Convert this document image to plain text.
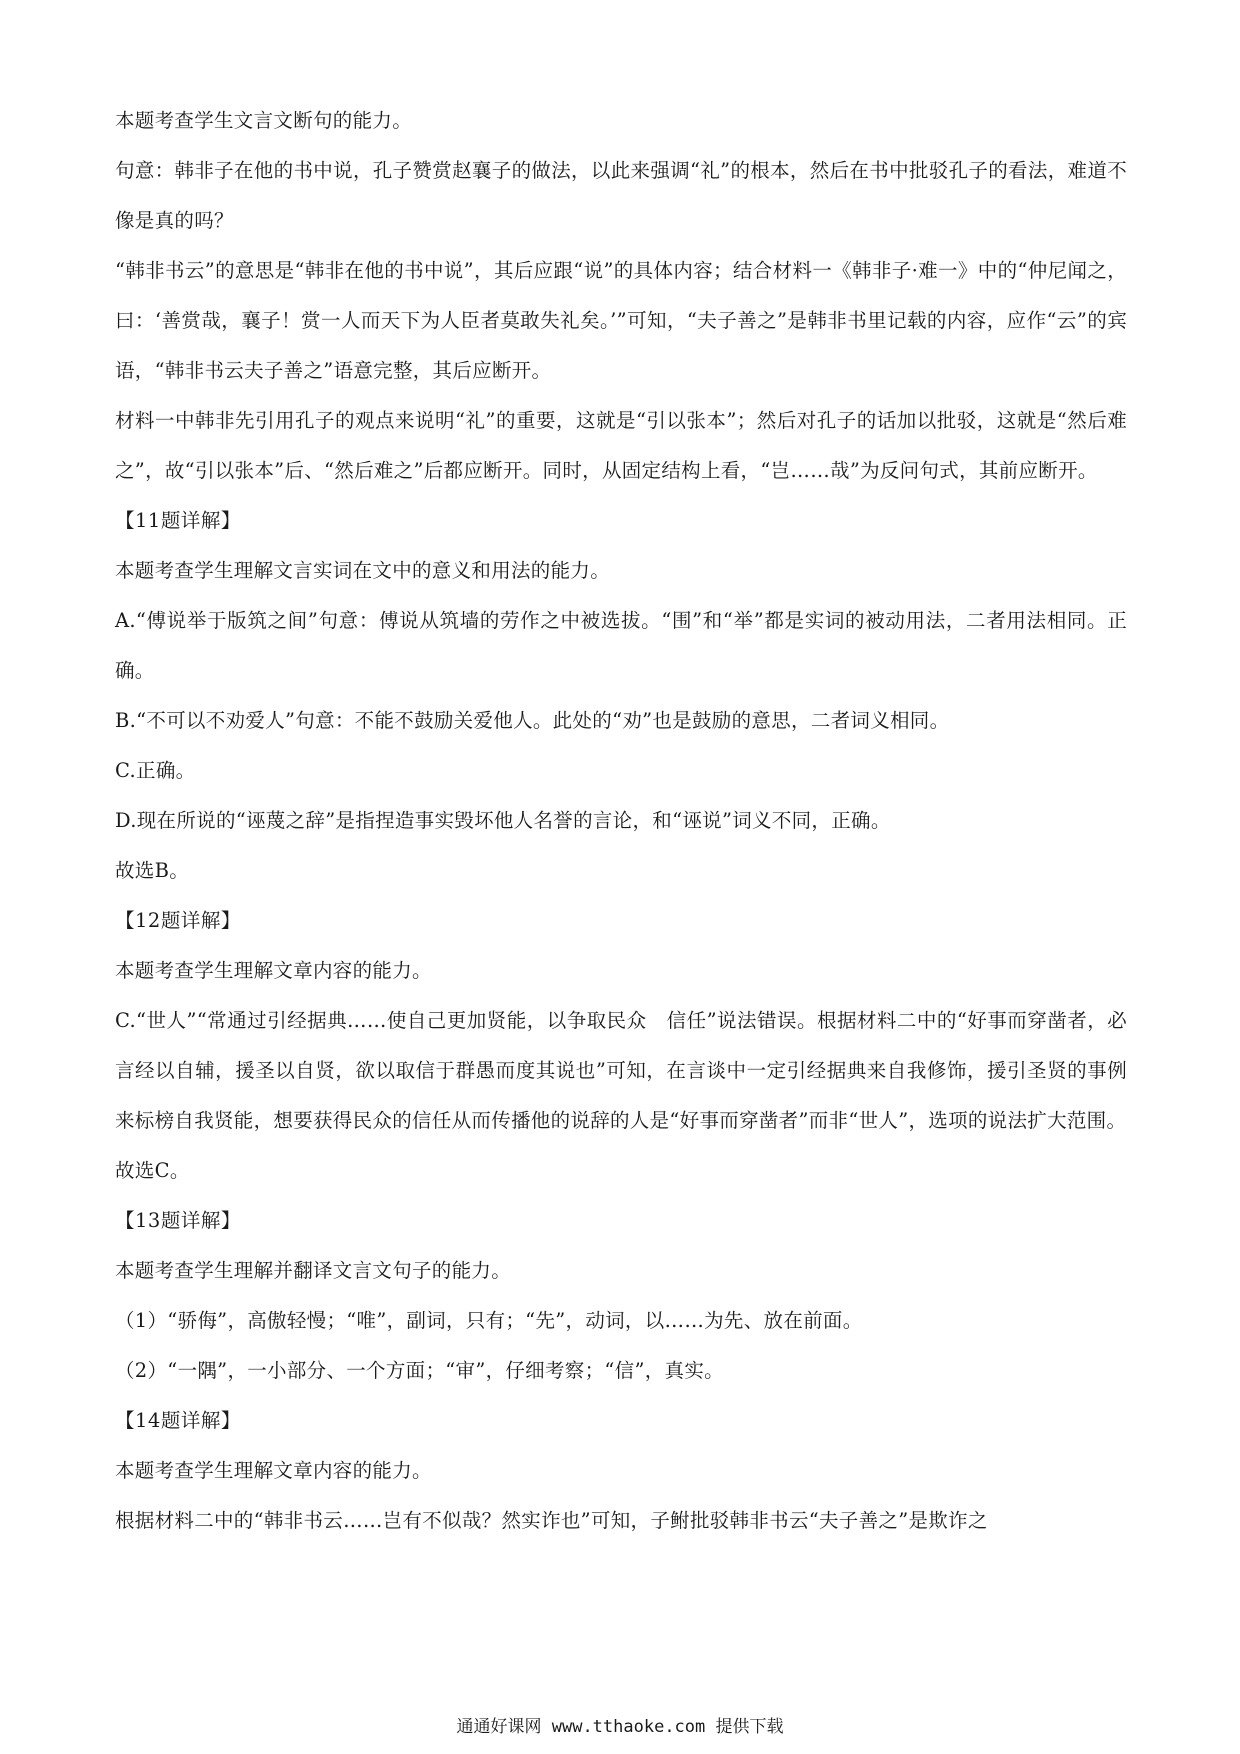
本题考查学生文言文断句的能力。

句意：韩非子在他的书中说，孔子赞赏赵襄子的做法，以此来强调“礼”的根本，然后在书中批驳孔子的看法，难道不像是真的吗？

“韩非书云”的意思是“韩非在他的书中说”，其后应跟“说”的具体内容；结合材料一《韩非子·难一》中的“仲尼闻之，曰：‘善赏哉，襄子！赏一人而天下为人臣者莫敢失礼矣。’”可知，“夫子善之”是韩非书里记载的内容，应作“云”的宾语，“韩非书云夫子善之”语意完整，其后应断开。

材料一中韩非先引用孔子的观点来说明“礼”的重要，这就是“引以张本”；然后对孔子的话加以批驳，这就是“然后难之”，故“引以张本”后、“然后难之”后都应断开。同时，从固定结构上看，“岂……哉”为反问句式，其前应断开。

【11题详解】

本题考查学生理解文言实词在文中的意义和用法的能力。

A.“傅说举于版筑之间”句意：傅说从筑墙的劳作之中被选拔。“围”和“举”都是实词的被动用法，二者用法相同。正确。

B.“不可以不劝爱人”句意：不能不鼓励关爱他人。此处的“劝”也是鼓励的意思，二者词义相同。

C.正确。

D.现在所说的“诬蔑之辞”是指捏造事实毁坏他人名誉的言论，和“诬说”词义不同，正确。

故选B。

【12题详解】

本题考查学生理解文章内容的能力。

C.“世人”“常通过引经据典……使自己更加贤能，以争取民众　信任”说法错误。根据材料二中的“好事而穿凿者，必言经以自辅，援圣以自贤，欲以取信于群愚而度其说也”可知，在言谈中一定引经据典来自我修饰，援引圣贤的事例来标榜自我贤能，想要获得民众的信任从而传播他的说辞的人是“好事而穿凿者”而非“世人”，选项的说法扩大范围。

故选C。

【13题详解】

本题考查学生理解并翻译文言文句子的能力。

（1）“骄侮”，高傲轻慢；“唯”，副词，只有；“先”，动词，以……为先、放在前面。

（2）“一隅”，一小部分、一个方面；“审”，仔细考察；“信”，真实。

【14题详解】

本题考查学生理解文章内容的能力。

根据材料二中的“韩非书云……岂有不似哉？然实诈也”可知，子鲋批驳韩非书云“夫子善之”是欺诈之

通通好课网 www.tthaoke.com 提供下载
